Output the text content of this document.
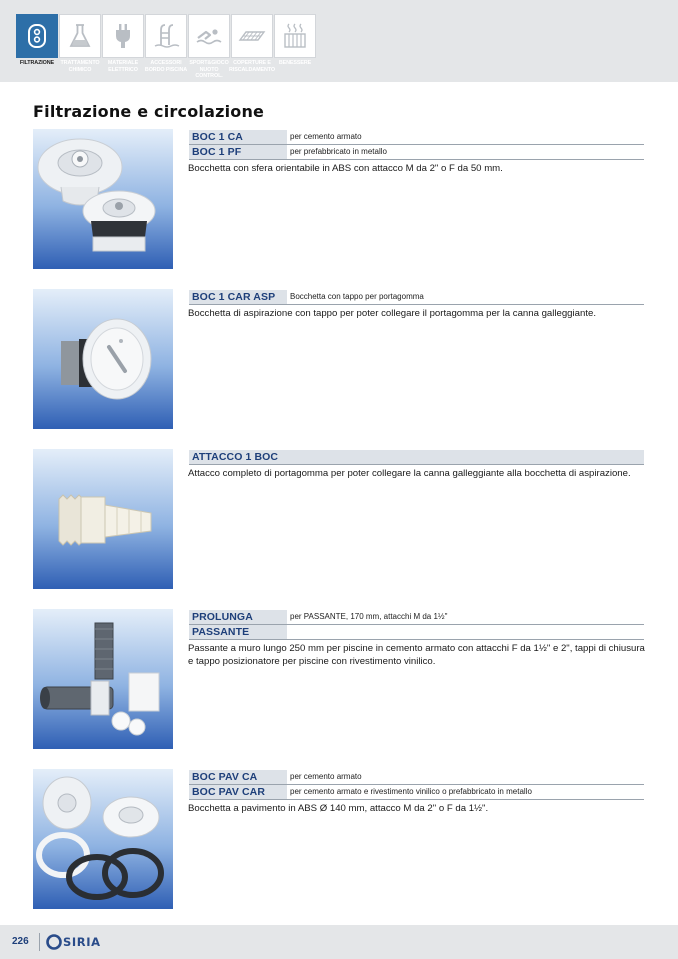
FILTRAZIONE	TRATTAMENTO
CHIMICO
MATERIALE
ELETTRICO
ACCESSORI
BORDO PISCINA
SPORT&GIOCO
NUOTO CONTROL.
COPERTURE E
RISCALDAMENTO
BENESSERE
Filtrazione e circolazione
BOC 1 CA	per cemento armato
BOC 1 PF	per prefabbricato in metallo
Bocchetta con sfera orientabile in ABS con attacco M da 2" o F da 50 mm.
BOC 1 CAR ASP	Bocchetta con tappo per portagomma
Bocchetta di aspirazione con tappo per poter collegare il portagomma per la canna galleggiante.
ATTACCO 1 BOC
Attacco completo di portagomma per poter collegare la canna galleggiante alla bocchetta di aspirazione.
PROLUNGA	per PASSANTE, 170 mm, attacchi M da 1½"
PASSANTE
Passante a muro lungo 250 mm per piscine in cemento armato con attacchi F da 1½" e 2", tappi di chiusura e tappo posizionatore per piscine con rivestimento vinilico.
BOC PAV CA	per cemento armato
BOC PAV CAR	per cemento armato e rivestimento vinilico o prefabbricato in metallo
Bocchetta a pavimento in ABS Ø 140 mm, attacco M da 2" o F da 1½".
226	SIRIA
